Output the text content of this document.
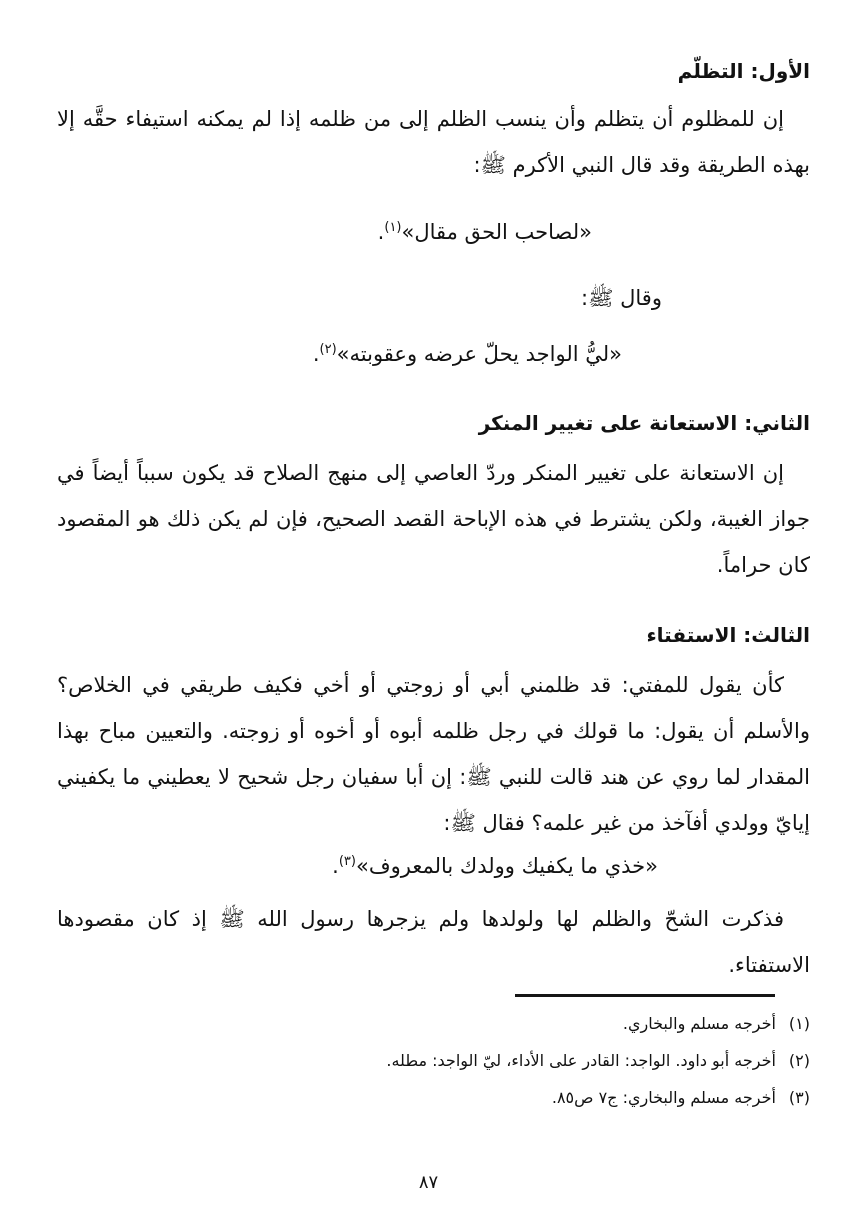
الأول: التظلّم

إن للمظلوم أن يتظلم وأن ينسب الظلم إلى من ظلمه إذا لم يمكنه استيفاء حقَّه إلا بهذه الطريقة وقد قال النبي الأكرم ﷺ:

«لصاحب الحق مقال»$^{(١)}$.

وقال ﷺ:

«ليُّ الواجد يحلّ عرضه وعقوبته»$^{(٢)}$.

الثاني: الاستعانة على تغيير المنكر

إن الاستعانة على تغيير المنكر وردّ العاصي إلى منهج الصلاح قد يكون سبباً أيضاً في جواز الغيبة، ولكن يشترط في هذه الإباحة القصد الصحيح، فإن لم يكن ذلك هو المقصود كان حراماً.

الثالث: الاستفتاء

كأن يقول للمفتي: قد ظلمني أبي أو زوجتي أو أخي فكيف طريقي في الخلاص؟ والأسلم أن يقول: ما قولك في رجل ظلمه أبوه أو أخوه أو زوجته. والتعيين مباح بهذا المقدار لما روي عن هند قالت للنبي ﷺ: إن أبا سفيان رجل شحيح لا يعطيني ما يكفيني إيايّ وولدي أفآخذ من غير علمه؟ فقال ﷺ:

«خذي ما يكفيك وولدك بالمعروف»$^{(٣)}$.

فذكرت الشحّ والظلم لها ولولدها ولم يزجرها رسول الله ﷺ إذ كان مقصودها الاستفتاء.

(١)
أخرجه مسلم والبخاري.
(٢)
أخرجه أبو داود. الواجد: القادر على الأداء، ليّ الواجد: مطله.
(٣)
أخرجه مسلم والبخاري: ج٧ ص٨٥.
٨٧
